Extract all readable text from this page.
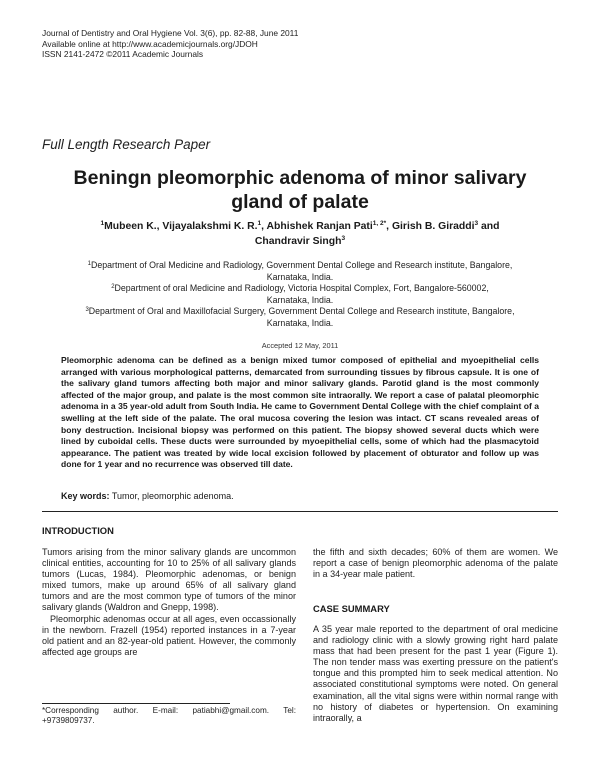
Journal of Dentistry and Oral Hygiene Vol. 3(6), pp. 82-88, June 2011
Available online at http://www.academicjournals.org/JDOH
ISSN 2141-2472 ©2011 Academic Journals
Full Length Research Paper
Beningn pleomorphic adenoma of minor salivary
gland of palate
$^1$Mubeen K., Vijayalakshmi K. R.$^1$, Abhishek Ranjan Pati$^{1, 2*}$, Girish B. Giraddi$^3$ and
Chandravir Singh$^3$
$^1$Department of Oral Medicine and Radiology, Government Dental College and Research institute, Bangalore,
Karnataka, India.
$^2$Department of oral Medicine and Radiology, Victoria Hospital Complex, Fort, Bangalore-560002,
Karnataka, India.
$^3$Department of Oral and Maxillofacial Surgery, Government Dental College and Research institute, Bangalore,
Karnataka, India.
Accepted 12 May, 2011
Pleomorphic adenoma can be defined as a benign mixed tumor composed of epithelial and myoepithelial cells arranged with various morphological patterns, demarcated from surrounding tissues by fibrous capsule. It is one of the salivary gland tumors affecting both major and minor salivary glands. Parotid gland is the most commonly affected of the major group, and palate is the most common site intraorally. We report a case of palatal pleomorphic adenoma in a 35 year-old adult from South India. He came to Government Dental College with the chief complaint of a swelling at the left side of the palate. The oral mucosa covering the lesion was intact. CT scans revealed areas of bony destruction. Incisional biopsy was performed on this patient. The biopsy showed several ducts which were lined by cuboidal cells. These ducts were surrounded by myoepithelial cells, some of which had the plasmacytoid appearance. The patient was treated by wide local excision followed by placement of obturator and follow up was done for 1 year and no recurrence was observed till date.
Key words: Tumor, pleomorphic adenoma.
INTRODUCTION

Tumors arising from the minor salivary glands are uncommon clinical entities, accounting for 10 to 25% of all salivary glands tumors (Lucas, 1984). Pleomorphic adenomas, or benign mixed tumors, make up around 65% of all salivary gland tumors and are the most common type of tumors of the minor salivary glands (Waldron and Gnepp, 1998).

Pleomorphic adenomas occur at all ages, even occassionally in the newborn. Frazell (1954) reported instances in a 7-year old patient and an 82-year-old patient. However, the commonly affected age groups are

the fifth and sixth decades; 60% of them are women. We report a case of benign pleomorphic adenoma of the palate in a 34-year male patient.

CASE SUMMARY

A 35 year male reported to the department of oral medicine and radiology clinic with a slowly growing right hard palate mass that had been present for the past 1 year (Figure 1). The non tender mass was exerting pressure on the patient's tongue and this prompted him to seek medical attention. No associated constitutional symptoms were noted. On general examination, all the vital signs were within normal range with no history of diabetes or hypertension. On examining intraorally, a

*Corresponding author. E-mail: patiabhi@gmail.com. Tel: +9739809737.
